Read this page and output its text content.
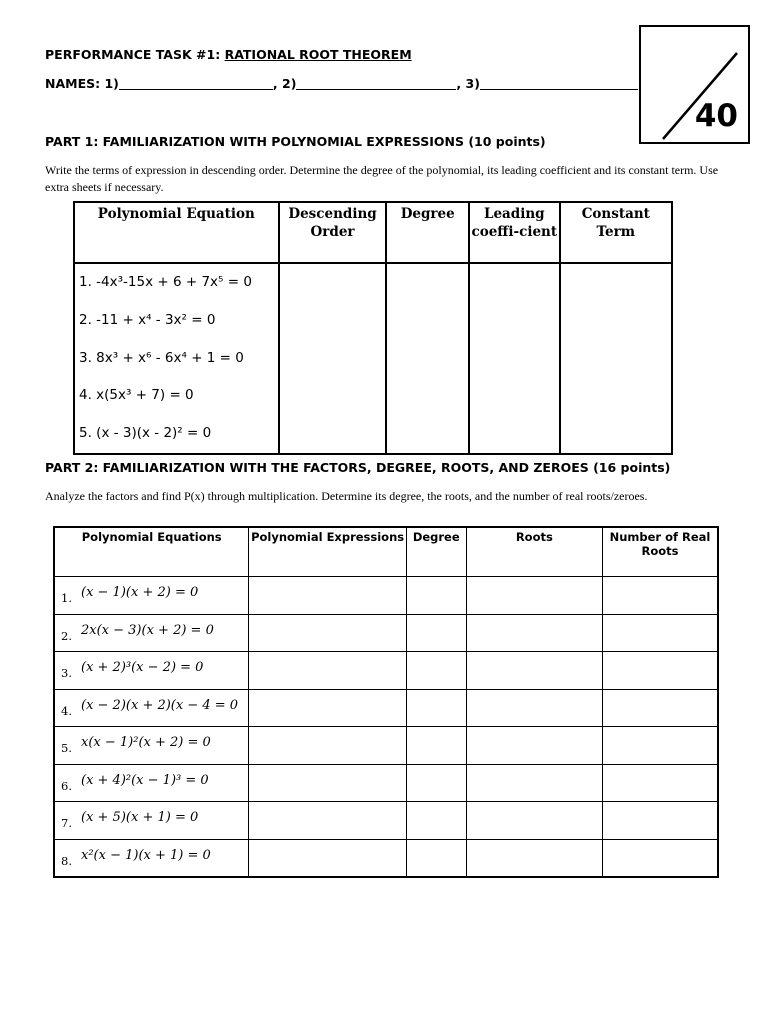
PERFORMANCE TASK #1: RATIONAL ROOT THEOREM
NAMES: 1)	, 2)	, 3)
40
PART 1: FAMILIARIZATION WITH POLYNOMIAL EXPRESSIONS (10 points)
Write the terms of expression in descending order. Determine the degree of the polynomial, its leading coefficient and its constant term. Use extra sheets if necessary.
Polynomial Equation	Descending Order	Degree	Leading coeffi-cient	Constant Term

1. -4x³-15x + 6 + 7x⁵ = 0
2. -11 + x⁴ - 3x² = 0
3. 8x³ + x⁶ - 6x⁴ + 1 = 0
4. x(5x³ + 7) = 0
5. (x - 3)(x - 2)² = 0				

PART 2: FAMILIARIZATION WITH THE FACTORS, DEGREE, ROOTS, AND ZEROES (16 points)
Analyze the factors and find P(x) through multiplication. Determine its degree, the roots, and the number of real roots/zeroes.
Polynomial Equations	Polynomial Expressions	Degree	Roots	Number of Real Roots
1. (x − 1)(x + 2) = 0				
2. 2x(x − 3)(x + 2) = 0				
3. (x + 2)³(x − 2) = 0				
4. (x − 2)(x + 2)(x − 4 = 0				
5. x(x − 1)²(x + 2) = 0				
6. (x + 4)²(x − 1)³ = 0				
7. (x + 5)(x + 1) = 0				
8. x²(x − 1)(x + 1) = 0				
